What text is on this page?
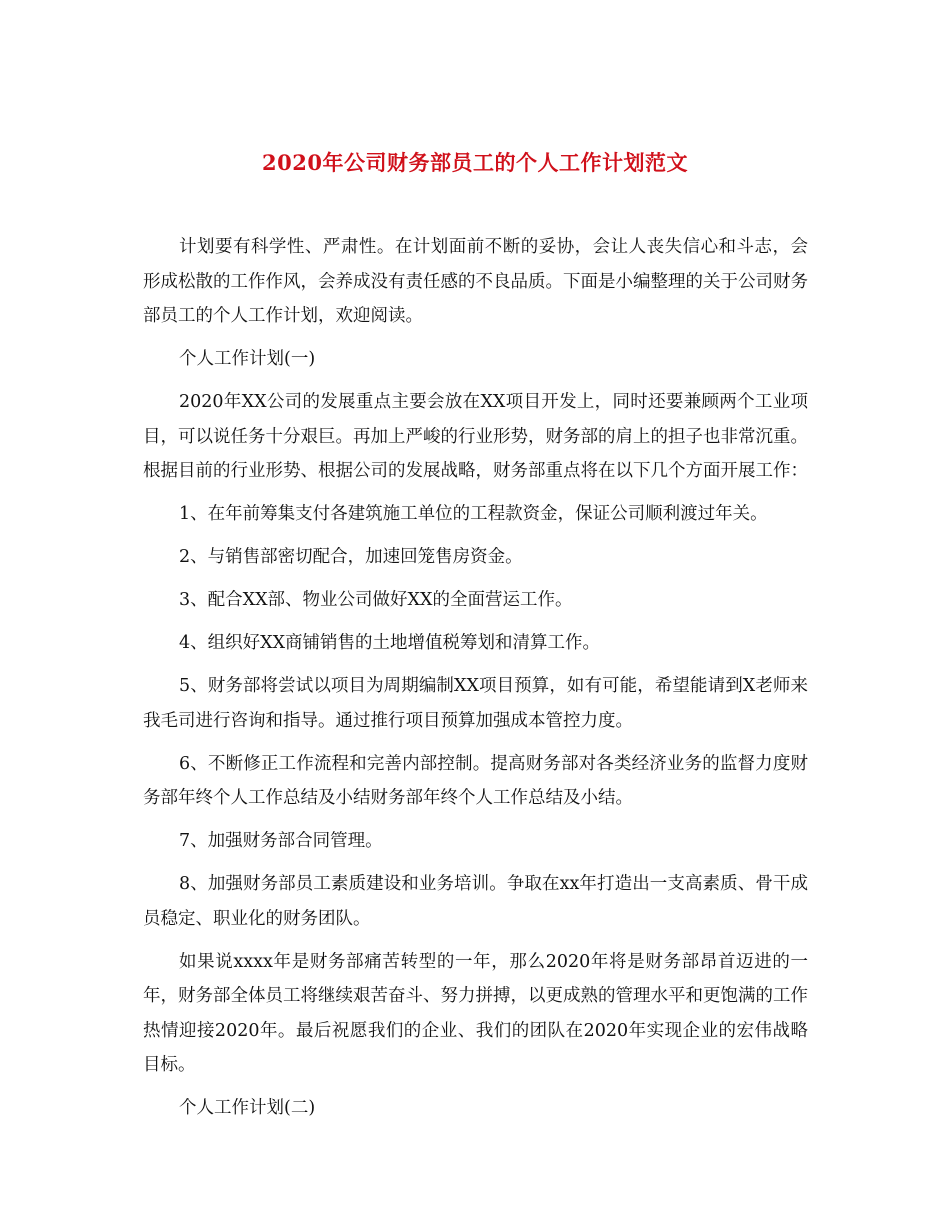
2020年公司财务部员工的个人工作计划范文

计划要有科学性、严肃性。在计划面前不断的妥协，会让人丧失信心和斗志，会形成松散的工作作风，会养成没有责任感的不良品质。下面是小编整理的关于公司财务部员工的个人工作计划，欢迎阅读。

个人工作计划(一)

2020年XX公司的发展重点主要会放在XX项目开发上，同时还要兼顾两个工业项目，可以说任务十分艰巨。再加上严峻的行业形势，财务部的肩上的担子也非常沉重。根据目前的行业形势、根据公司的发展战略，财务部重点将在以下几个方面开展工作：

1、在年前筹集支付各建筑施工单位的工程款资金，保证公司顺利渡过年关。

2、与销售部密切配合，加速回笼售房资金。

3、配合XX部、物业公司做好XX的全面营运工作。

4、组织好XX商铺销售的土地增值税筹划和清算工作。

5、财务部将尝试以项目为周期编制XX项目预算，如有可能，希望能请到X老师来我毛司进行咨询和指导。通过推行项目预算加强成本管控力度。

6、不断修正工作流程和完善内部控制。提高财务部对各类经济业务的监督力度财务部年终个人工作总结及小结财务部年终个人工作总结及小结。

7、加强财务部合同管理。

8、加强财务部员工素质建设和业务培训。争取在xx年打造出一支高素质、骨干成员稳定、职业化的财务团队。

如果说xxxx年是财务部痛苦转型的一年，那么2020年将是财务部昂首迈进的一年，财务部全体员工将继续艰苦奋斗、努力拼搏，以更成熟的管理水平和更饱满的工作热情迎接2020年。最后祝愿我们的企业、我们的团队在2020年实现企业的宏伟战略目标。

个人工作计划(二)
